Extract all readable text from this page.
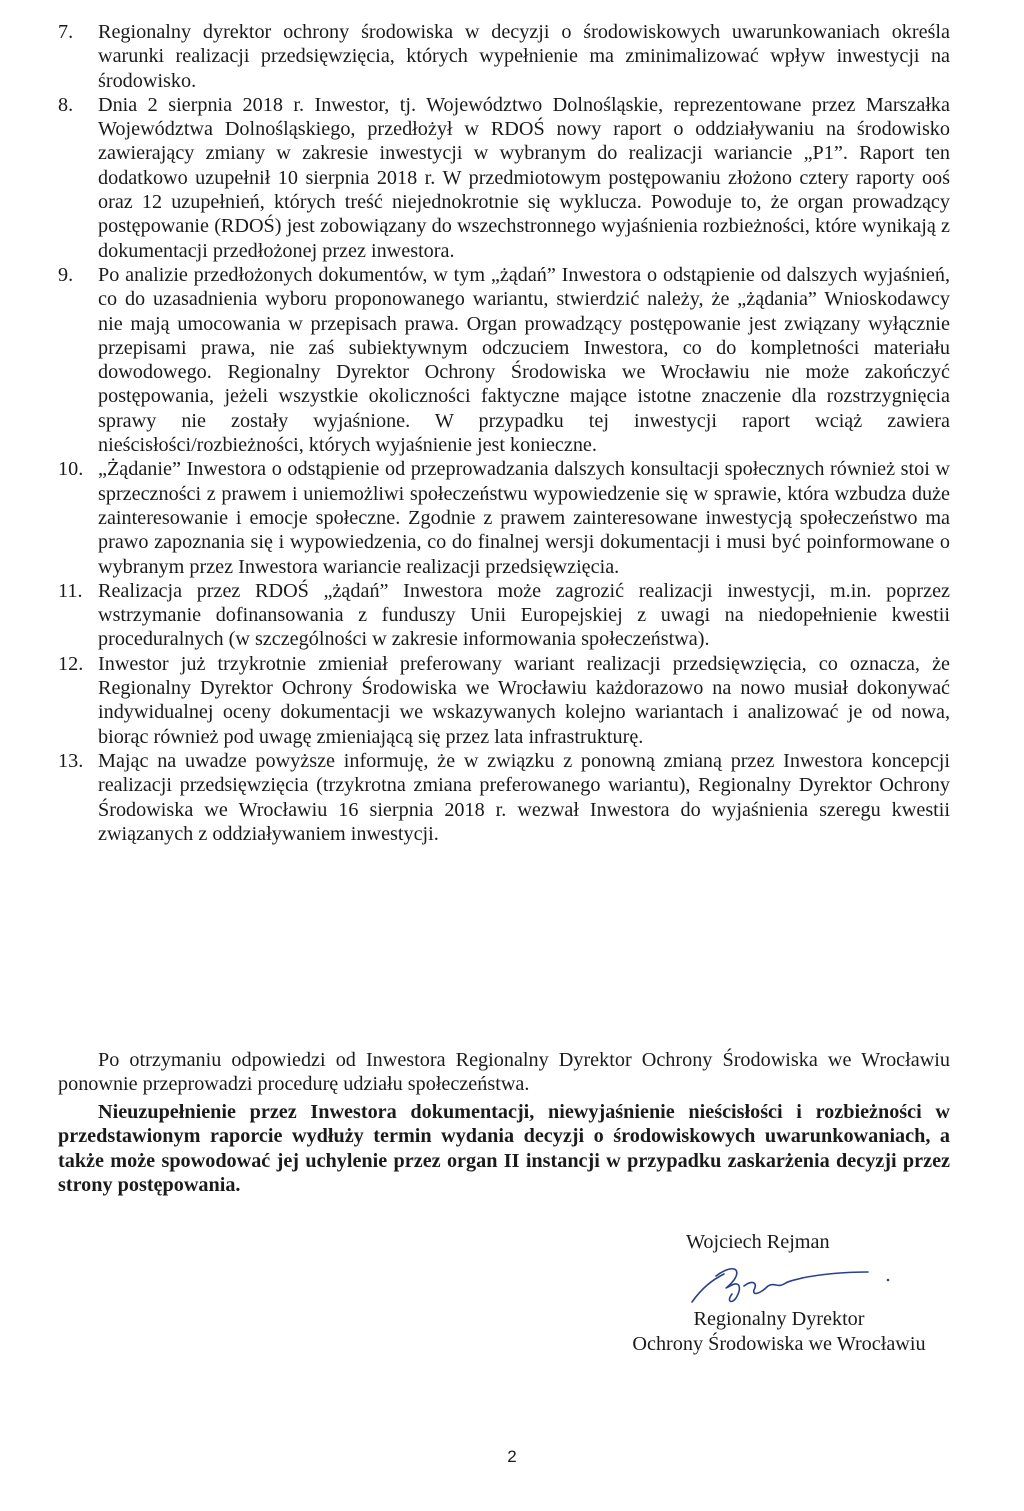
7.	Regionalny dyrektor ochrony środowiska w decyzji o środowiskowych uwarunkowaniach określa warunki realizacji przedsięwzięcia, których wypełnienie ma zminimalizować wpływ inwestycji na środowisko.
8.	Dnia 2 sierpnia 2018 r. Inwestor, tj. Województwo Dolnośląskie, reprezentowane przez Marszałka Województwa Dolnośląskiego, przedłożył w RDOŚ nowy raport o oddziaływaniu na środowisko zawierający zmiany w zakresie inwestycji w wybranym do realizacji wariancie „P1”. Raport ten dodatkowo uzupełnił 10 sierpnia 2018 r. W przedmiotowym postępowaniu złożono cztery raporty ooś oraz 12 uzupełnień, których treść niejednokrotnie się wyklucza. Powoduje to, że organ prowadzący postępowanie (RDOŚ) jest zobowiązany do wszechstronnego wyjaśnienia rozbieżności, które wynikają z dokumentacji przedłożonej przez inwestora.
9.	Po analizie przedłożonych dokumentów, w tym „żądań” Inwestora o odstąpienie od dalszych wyjaśnień, co do uzasadnienia wyboru proponowanego wariantu, stwierdzić należy, że „żądania” Wnioskodawcy nie mają umocowania w przepisach prawa. Organ prowadzący postępowanie jest związany wyłącznie przepisami prawa, nie zaś subiektywnym odczuciem Inwestora, co do kompletności materiału dowodowego. Regionalny Dyrektor Ochrony Środowiska we Wrocławiu nie może zakończyć postępowania, jeżeli wszystkie okoliczności faktyczne mające istotne znaczenie dla rozstrzygnięcia sprawy nie zostały wyjaśnione. W przypadku tej inwestycji raport wciąż zawiera nieścisłości/rozbieżności, których wyjaśnienie jest konieczne.
10. „Żądanie” Inwestora o odstąpienie od przeprowadzania dalszych konsultacji społecznych również stoi w sprzeczności z prawem i uniemożliwi społeczeństwu wypowiedzenie się w sprawie, która wzbudza duże zainteresowanie i emocje społeczne. Zgodnie z prawem zainteresowane inwestycją społeczeństwo ma prawo zapoznania się i wypowiedzenia, co do finalnej wersji dokumentacji i musi być poinformowane o wybranym przez Inwestora wariancie realizacji przedsięwzięcia.
11. Realizacja przez RDOŚ „żądań” Inwestora może zagrozić realizacji inwestycji, m.in. poprzez wstrzymanie dofinansowania z funduszy Unii Europejskiej z uwagi na niedopełnienie kwestii proceduralnych (w szczególności w zakresie informowania społeczeństwa).
12. Inwestor już trzykrotnie zmieniał preferowany wariant realizacji przedsięwzięcia, co oznacza, że Regionalny Dyrektor Ochrony Środowiska we Wrocławiu każdorazowo na nowo musiał dokonywać indywidualnej oceny dokumentacji we wskazywanych kolejno wariantach i analizować je od nowa, biorąc również pod uwagę zmieniającą się przez lata infrastrukturę.
13. Mając na uwadze powyższe informuję, że w związku z ponowną zmianą przez Inwestora koncepcji realizacji przedsięwzięcia (trzykrotna zmiana preferowanego wariantu), Regionalny Dyrektor Ochrony Środowiska we Wrocławiu 16 sierpnia 2018 r. wezwał Inwestora do wyjaśnienia szeregu kwestii związanych z oddziaływaniem inwestycji.

Po otrzymaniu odpowiedzi od Inwestora Regionalny Dyrektor Ochrony Środowiska we Wrocławiu ponownie przeprowadzi procedurę udziału społeczeństwa.

Nieuzupełnienie przez Inwestora dokumentacji, niewyjaśnienie nieścisłości i rozbieżności w przedstawionym raporcie wydłuży termin wydania decyzji o środowiskowych uwarunkowaniach, a także może spowodować jej uchylenie przez organ II instancji w przypadku zaskarżenia decyzji przez strony postępowania.

Wojciech Rejman

Regionalny Dyrektor
Ochrony Środowiska we Wrocławiu

2
